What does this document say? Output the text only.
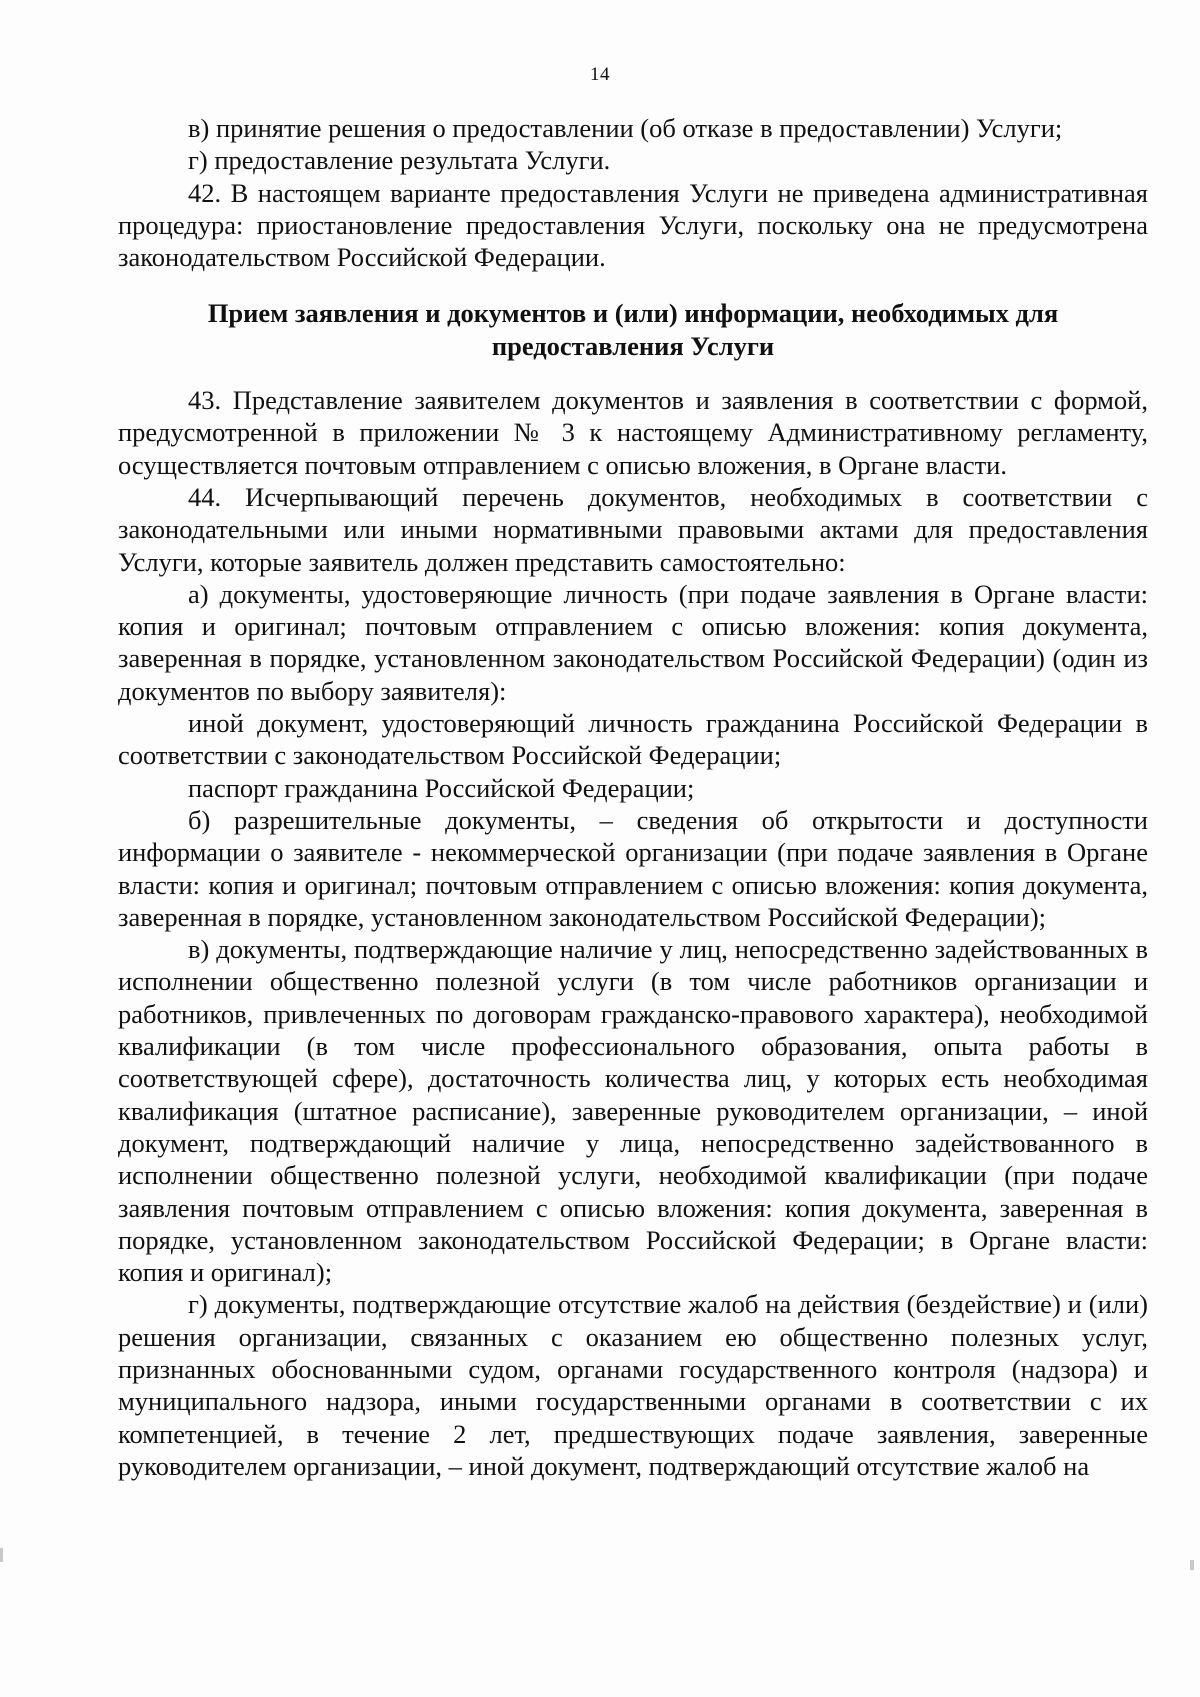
14

в) принятие решения о предоставлении (об отказе в предоставлении) Услуги;

г) предоставление результата Услуги.

42. В настоящем варианте предоставления Услуги не приведена административная процедура: приостановление предоставления Услуги, поскольку она не предусмотрена законодательством Российской Федерации.

Прием заявления и документов и (или) информации, необходимых для
предоставления Услуги

43. Представление заявителем документов и заявления в соответствии с формой, предусмотренной в приложении № 3 к настоящему Административному регламенту, осуществляется почтовым отправлением с описью вложения, в Органе власти.

44. Исчерпывающий перечень документов, необходимых в соответствии с законодательными или иными нормативными правовыми актами для предоставления Услуги, которые заявитель должен представить самостоятельно:

а) документы, удостоверяющие личность (при подаче заявления в Органе власти: копия и оригинал; почтовым отправлением с описью вложения: копия документа, заверенная в порядке, установленном законодательством Российской Федерации) (один из документов по выбору заявителя):

иной документ, удостоверяющий личность гражданина Российской Федерации в соответствии с законодательством Российской Федерации;

паспорт гражданина Российской Федерации;

б) разрешительные документы, – сведения об открытости и доступности информации о заявителе - некоммерческой организации (при подаче заявления в Органе власти: копия и оригинал; почтовым отправлением с описью вложения: копия документа, заверенная в порядке, установленном законодательством Российской Федерации);

в) документы, подтверждающие наличие у лиц, непосредственно задействованных в исполнении общественно полезной услуги (в том числе работников организации и работников, привлеченных по договорам гражданско-правового характера), необходимой квалификации (в том числе профессионального образования, опыта работы в соответствующей сфере), достаточность количества лиц, у которых есть необходимая квалификация (штатное расписание), заверенные руководителем организации, – иной документ, подтверждающий наличие у лица, непосредственно задействованного в исполнении общественно полезной услуги, необходимой квалификации (при подаче заявления почтовым отправлением с описью вложения: копия документа, заверенная в порядке, установленном законодательством Российской Федерации; в Органе власти: копия и оригинал);

г) документы, подтверждающие отсутствие жалоб на действия (бездействие) и (или) решения организации, связанных с оказанием ею общественно полезных услуг, признанных обоснованными судом, органами государственного контроля (надзора) и муниципального надзора, иными государственными органами в соответствии с их компетенцией, в течение 2 лет, предшествующих подаче заявления, заверенные руководителем организации, – иной документ, подтверждающий отсутствие жалоб на
